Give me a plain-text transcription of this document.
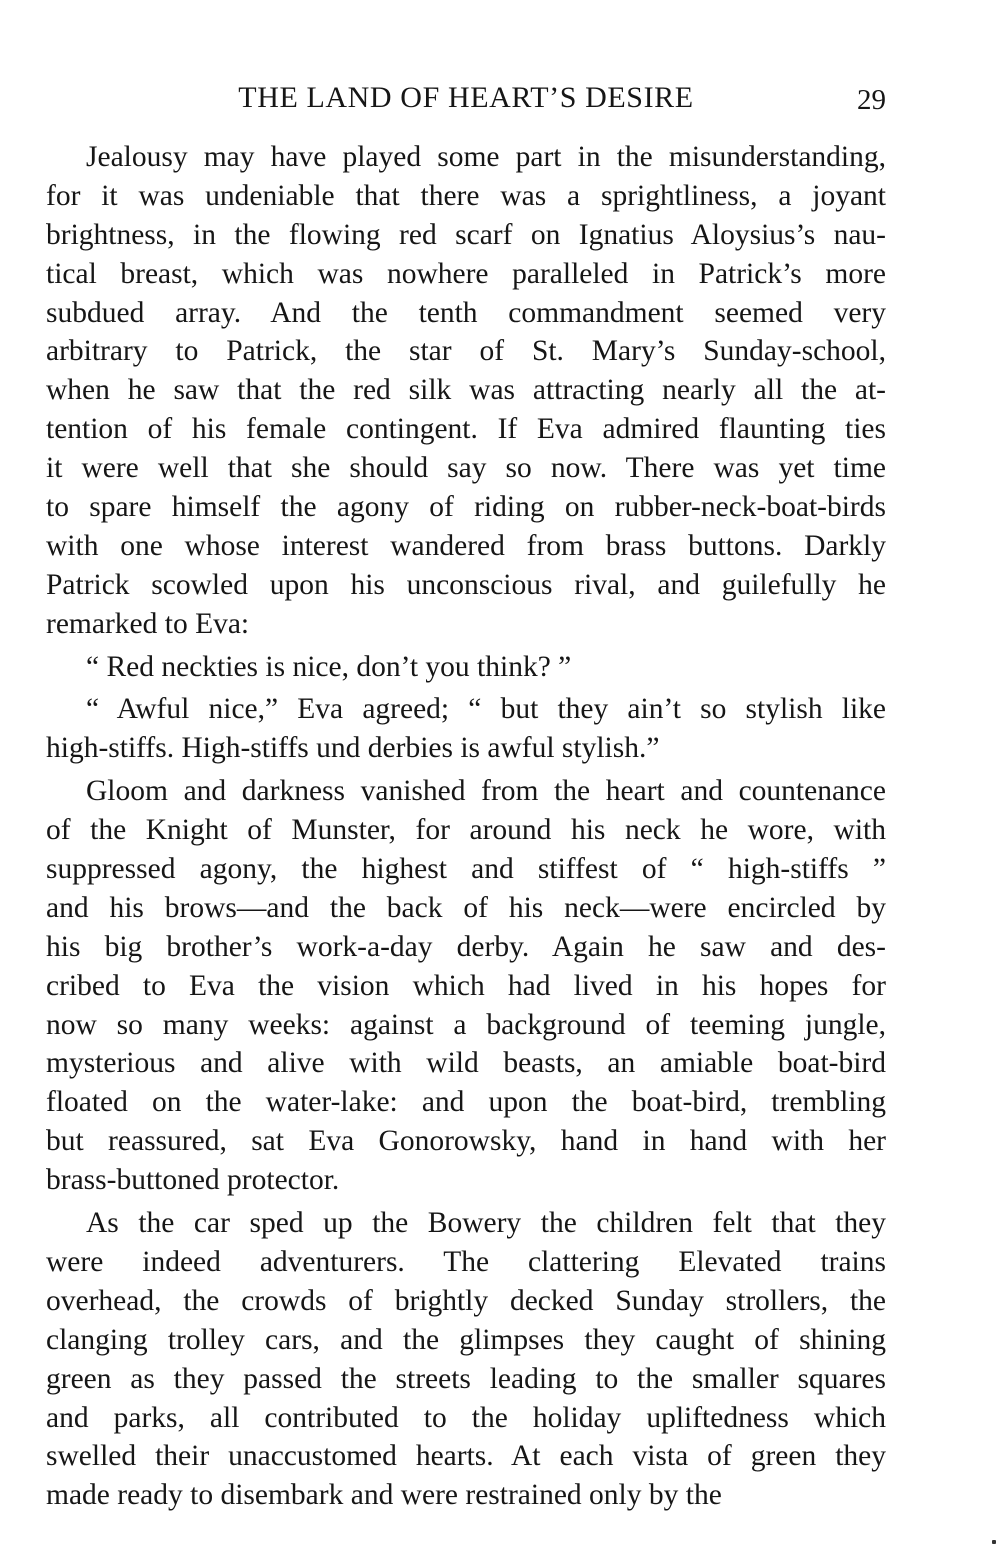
THE LAND OF HEART’S DESIRE	29
Jealousy may have played some part in the misunderstanding,
for it was undeniable that there was a sprightliness, a joyant
brightness, in the flowing red scarf on Ignatius Aloysius’s nau-
tical breast, which was nowhere paralleled in Patrick’s more
subdued array. And the tenth commandment seemed very
arbitrary to Patrick, the star of St. Mary’s Sunday-school,
when he saw that the red silk was attracting nearly all the at-
tention of his female contingent. If Eva admired flaunting ties
it were well that she should say so now. There was yet time
to spare himself the agony of riding on rubber-neck-boat-birds
with one whose interest wandered from brass buttons. Darkly
Patrick scowled upon his unconscious rival, and guilefully he
remarked to Eva:
“ Red neckties is nice, don’t you think? ”
“ Awful nice,” Eva agreed; “ but they ain’t so stylish like
high-stiffs. High-stiffs und derbies is awful stylish.”
Gloom and darkness vanished from the heart and countenance
of the Knight of Munster, for around his neck he wore, with
suppressed agony, the highest and stiffest of “ high-stiffs ”
and his brows—and the back of his neck—were encircled by
his big brother’s work-a-day derby. Again he saw and des-
cribed to Eva the vision which had lived in his hopes for
now so many weeks: against a background of teeming jungle,
mysterious and alive with wild beasts, an amiable boat-bird
floated on the water-lake: and upon the boat-bird, trembling
but reassured, sat Eva Gonorowsky, hand in hand with her
brass-buttoned protector.
As the car sped up the Bowery the children felt that they
were indeed adventurers. The clattering Elevated trains
overhead, the crowds of brightly decked Sunday strollers, the
clanging trolley cars, and the glimpses they caught of shining
green as they passed the streets leading to the smaller squares
and parks, all contributed to the holiday upliftedness which
swelled their unaccustomed hearts. At each vista of green they
made ready to disembark and were restrained only by the
